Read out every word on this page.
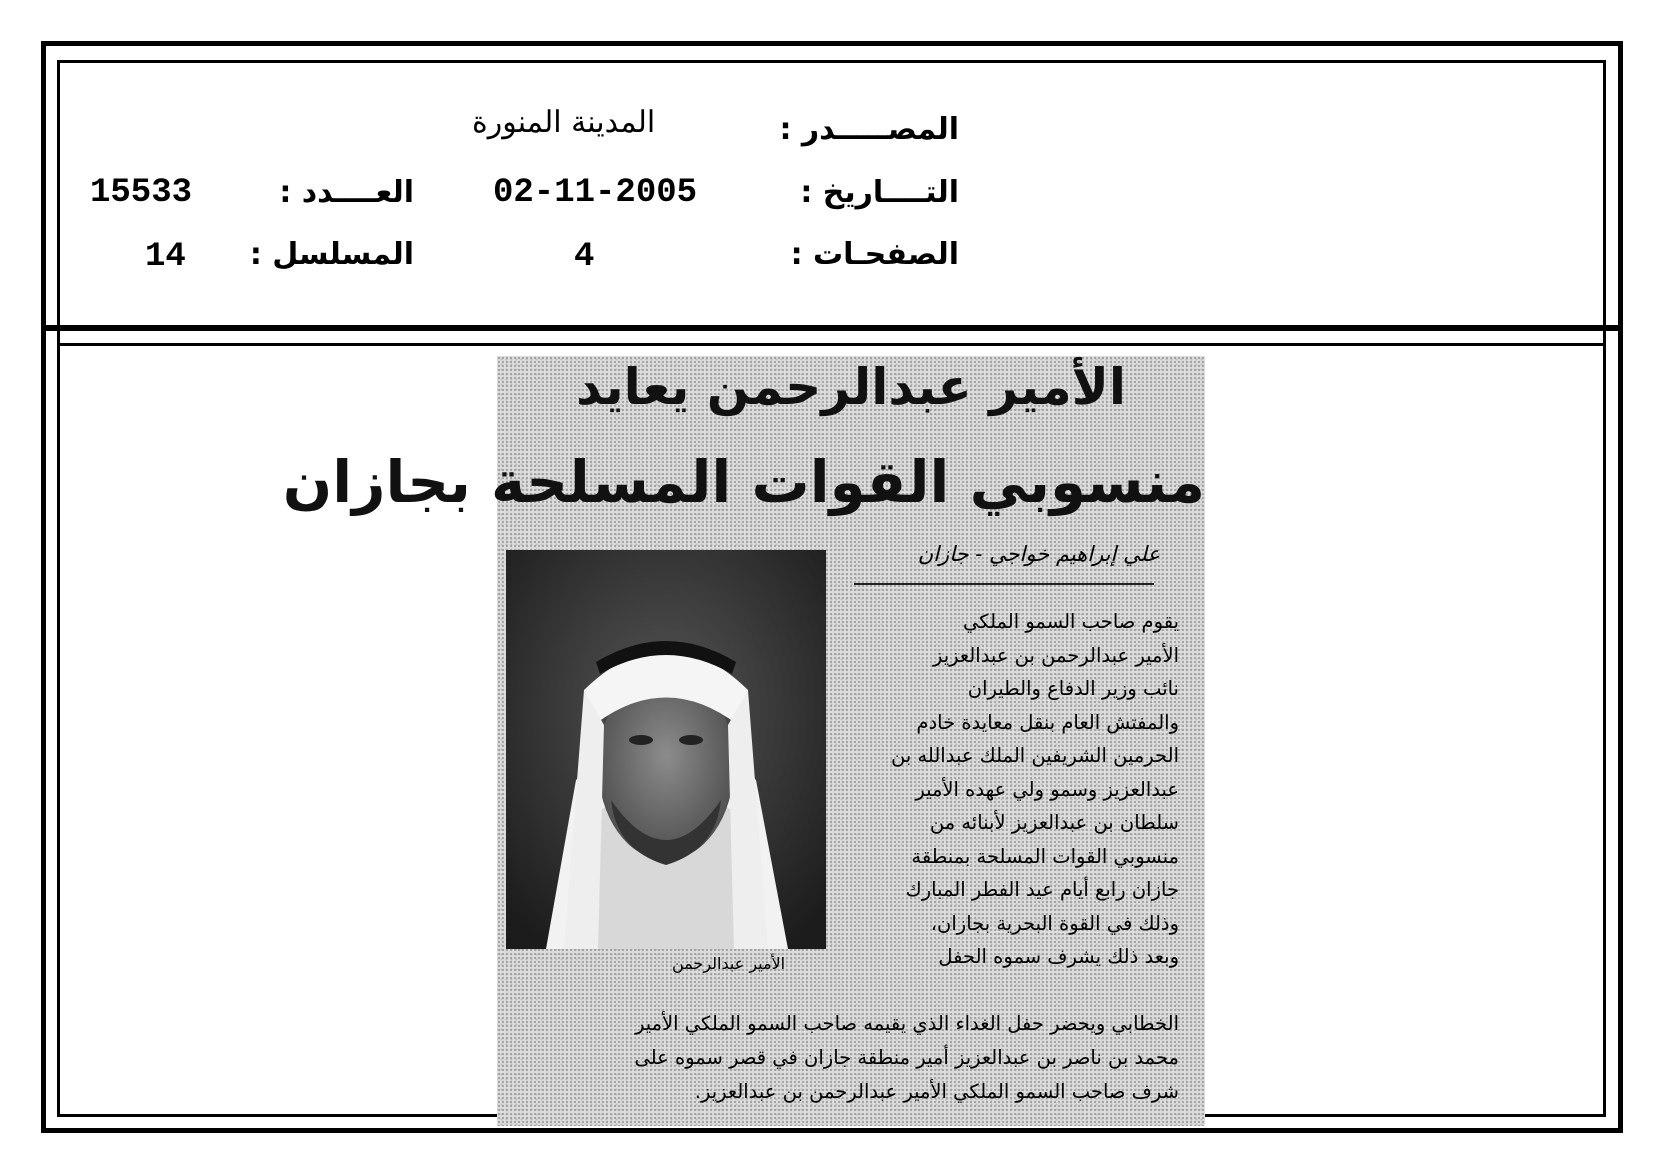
المصـــــدر :
المدينة المنورة
التــــاريخ :
02-11-2005
العــــدد :
15533
الصفحـات :
4
المسلسل :
14
الأمير عبدالرحمن يعايد
منسوبي القوات المسلحة بجازان
علي إبراهيم خواجي - جازان
الأمير عبدالرحمن
يقوم صاحب السمو الملكي
الأمير عبدالرحمن بن عبدالعزيز
نائب وزير الدفاع والطيران
والمفتش العام بنقل معايدة خادم
الحرمين الشريفين الملك عبدالله بن
عبدالعزيز وسمو ولي عهده الأمير
سلطان بن عبدالعزيز لأبنائه من
منسوبي القوات المسلحة بمنطقة
جازان رابع أيام عيد الفطر المبارك
وذلك في القوة البحرية بجازان،
وبعد ذلك يشرف سموه الحفل
الخطابي ويحضر حفل الغداء الذي يقيمه صاحب السمو الملكي الأمير
محمد بن ناصر بن عبدالعزيز أمير منطقة جازان في قصر سموه على
شرف صاحب السمو الملكي الأمير عبدالرحمن بن عبدالعزيز.
